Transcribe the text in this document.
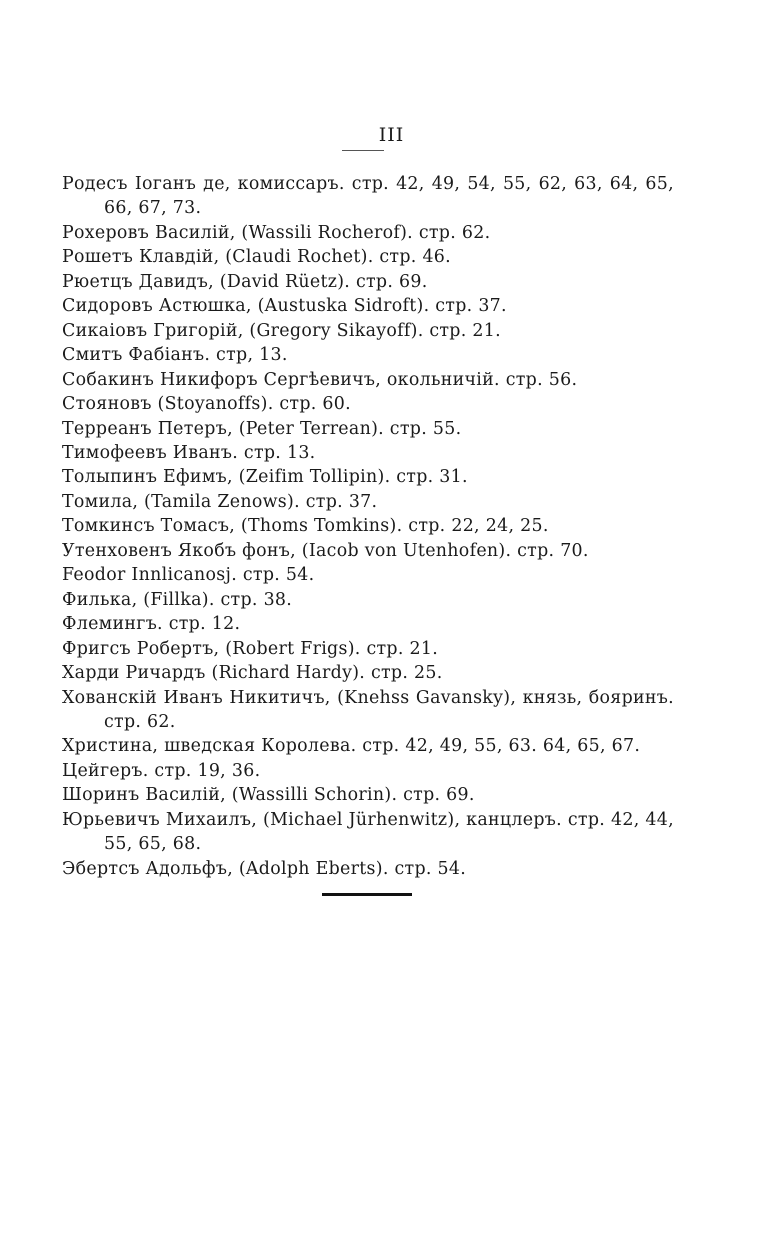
III
Родесъ Іоганъ де, комиссаръ. стр. 42, 49, 54, 55, 62, 63, 64, 65, 66, 67, 73.
Рохеровъ Василій, (Wassili Rocherof). стр. 62.
Рошетъ Клавдій, (Claudi Rochet). стр. 46.
Рюетцъ Давидъ, (David Rüetz). стр. 69.
Сидоровъ Астюшка, (Austuska Sidroft). стр. 37.
Сикаіовъ Григорій, (Gregory Sikayoff). стр. 21.
Смитъ Фабіанъ. стр, 13.
Собакинъ Никифоръ Сергѣевичъ, окольничій. стр. 56.
Стояновъ (Stoyanoffs). стр. 60.
Терреанъ Петеръ, (Peter Terrean). стр. 55.
Тимофеевъ Иванъ. стр. 13.
Толыпинъ Ефимъ, (Zeifim Tollipin). стр. 31.
Томила, (Tamila Zenows). стр. 37.
Томкинсъ Томасъ, (Thoms Tomkins). стр. 22, 24, 25.
Утенховенъ Якобъ фонъ, (Iacob von Utenhofen). стр. 70.
Feodor Innlicanosj. стр. 54.
Филька, (Fillka). стр. 38.
Флемингъ. стр. 12.
Фригсъ Робертъ, (Robert Frigs). стр. 21.
Харди Ричардъ (Richard Hardy). стр. 25.
Хованскій Иванъ Никитичъ, (Knehss Gavansky), князь, бояринъ. стр. 62.
Христина, шведская Королева. стр. 42, 49, 55, 63. 64, 65, 67.
Цейгеръ. стр. 19, 36.
Шоринъ Василій, (Wassilli Schorin). стр. 69.
Юрьевичъ Михаилъ, (Michael Jürhenwitz), канцлеръ. стр. 42, 44, 55, 65, 68.
Эбертсъ Адольфъ, (Adolph Eberts). стр. 54.
